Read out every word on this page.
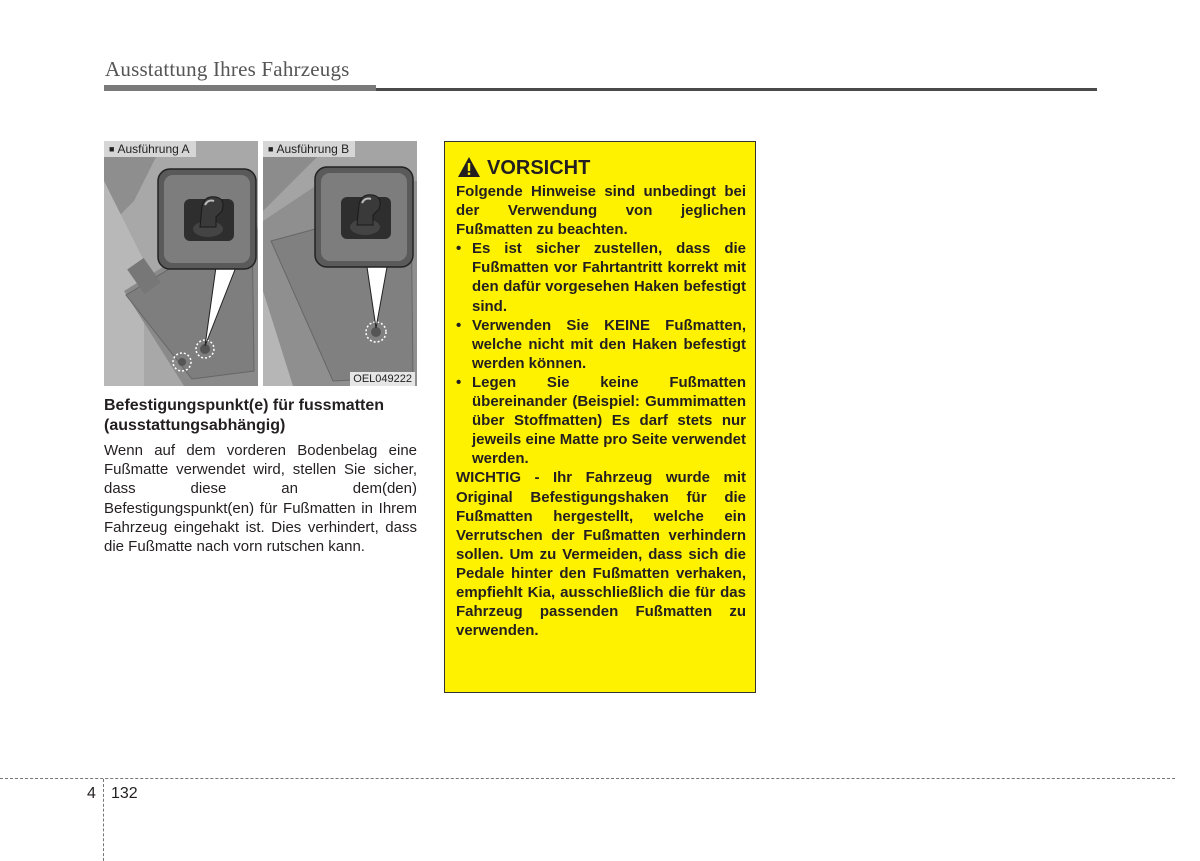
Ausstattung Ihres Fahrzeugs
■ Ausführung A	■ Ausführung B
OEL049222
Befestigungspunkt(e) für fussmatten (ausstattungsabhängig)
Wenn auf dem vorderen Bodenbelag eine Fußmatte verwendet wird, stellen Sie sicher, dass diese an dem(den) Befestigungspunkt(en) für Fußmatten in Ihrem Fahrzeug eingehakt ist. Dies verhindert, dass die Fußmatte nach vorn rutschen kann.
VORSICHT

Folgende Hinweise sind unbedingt bei der Verwendung von jeglichen Fußmatten zu beachten.

• Es ist sicher zustellen, dass die Fußmatten vor Fahrtantritt korrekt mit den dafür vorgesehen Haken befestigt sind.
• Verwenden Sie KEINE Fußmatten, welche nicht mit den Haken befestigt werden können.
• Legen Sie keine Fußmatten übereinander (Beispiel: Gummimatten über Stoffmatten) Es darf stets nur jeweils eine Matte pro Seite verwendet werden.

WICHTIG - Ihr Fahrzeug wurde mit Original Befestigungshaken für die Fußmatten hergestellt, welche ein Verrutschen der Fußmatten verhindern sollen. Um zu Vermeiden, dass sich die Pedale hinter den Fußmatten verhaken, empfiehlt Kia, ausschließlich die für das Fahrzeug passenden Fußmatten zu verwenden.

4 132
